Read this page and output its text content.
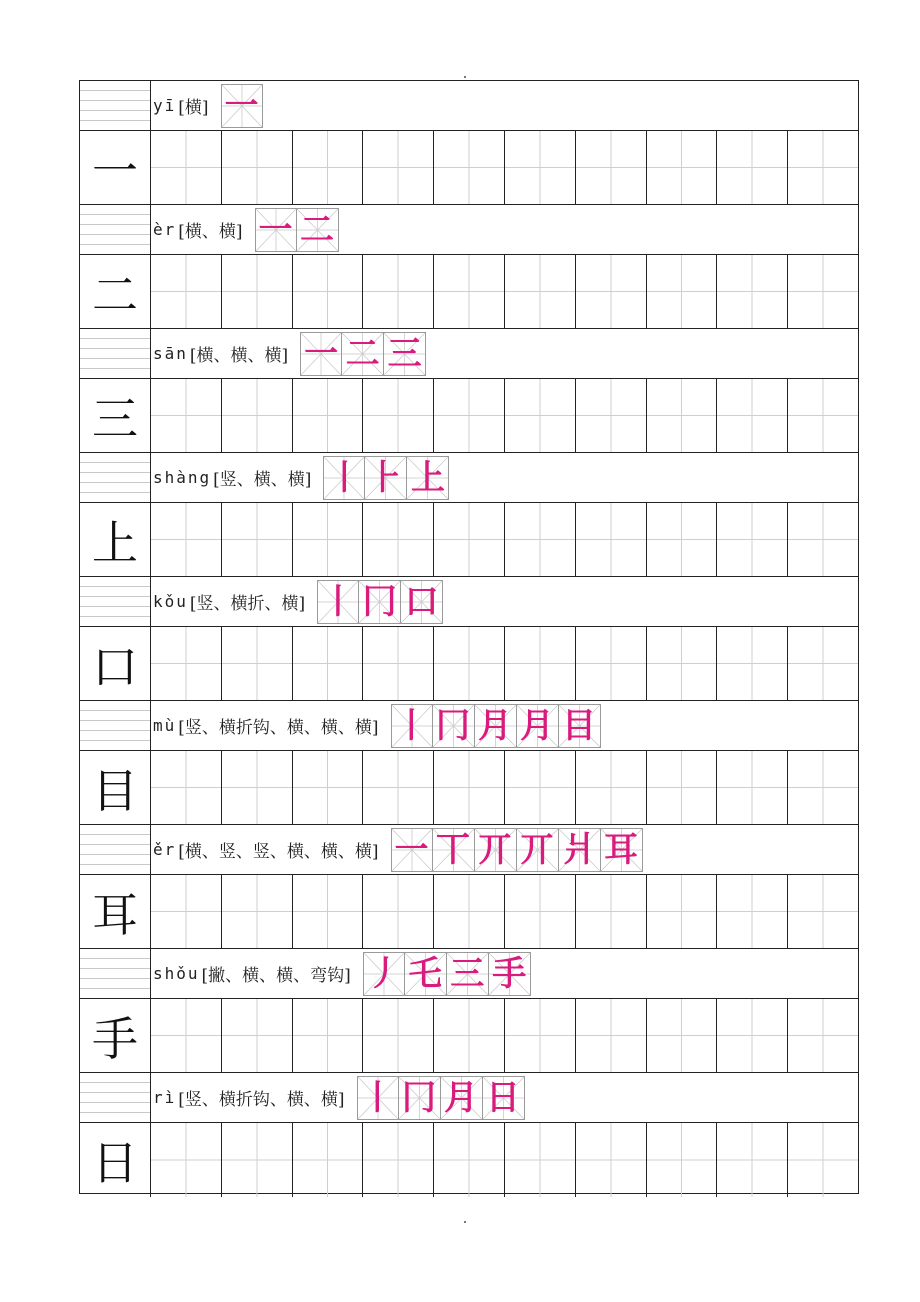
yī [横] 一
一
èr [横、横] 一 二
二
sān [横、横、横] 一 二 三
三
shàng [竖、横、横] 丨 ⺊ 上
上
kǒu [竖、横折、横] 丨 冂 口
口
mù [竖、横折钩、横、横、横] 丨 冂 月 月 目
目
ěr [横、竖、竖、横、横、横] 一 丅 丌 丌 爿 耳
耳
shǒu [撇、横、横、弯钩] 丿 乇 三 手
手
rì [竖、横折钩、横、横] 丨 冂 月 日
日
